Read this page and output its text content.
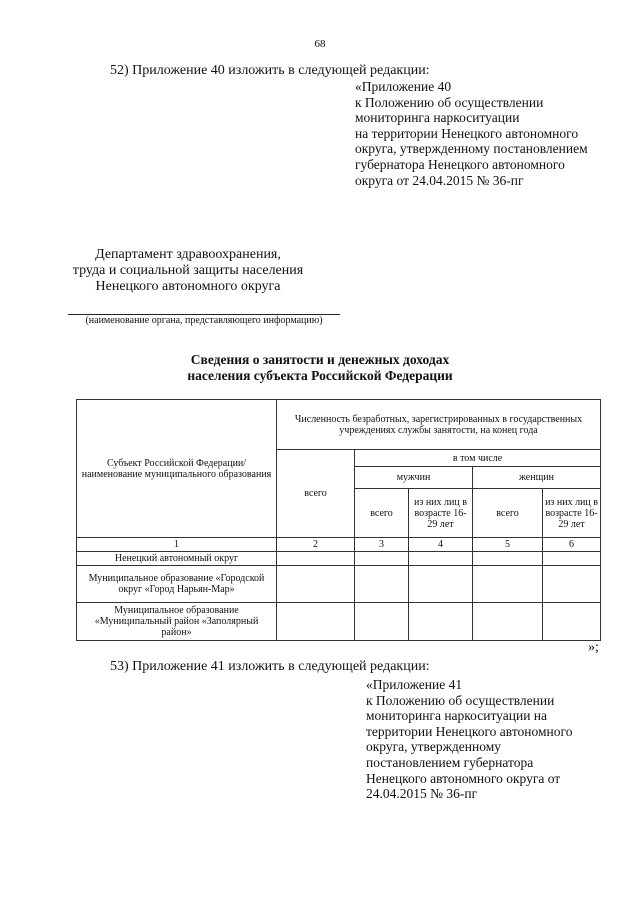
68
52) Приложение 40 изложить в следующей редакции:
«Приложение 40
к Положению об осуществлении
мониторинга наркоситуации
на территории Ненецкого автономного
округа, утвержденному постановлением
губернатора Ненецкого автономного
округа от 24.04.2015 № 36-пг
Департамент здравоохранения,
труда и социальной защиты населения
Ненецкого автономного округа
(наименование органа, представляющего информацию)
Сведения о занятости и денежных доходах
населения субъекта Российской Федерации
Субъект Российской Федерации/ наименование муниципального образования	Численность безработных, зарегистрированных в государственных учреждениях службы занятости, на конец года				
	всего	в том числе			
		мужчин		женщин	
		всего	из них лиц в возрасте 16-29 лет	всего	из них лиц в возрасте 16-29 лет
1	2	3	4	5	6
Ненецкий автономный округ					
Муниципальное образование «Городской округ «Город Нарьян-Мар»					
Муниципальное образование «Муниципальный район «Заполярный район»					
»;
53) Приложение 41 изложить в следующей редакции:
«Приложение 41
к Положению об осуществлении
мониторинга наркоситуации на
территории Ненецкого автономного
округа, утвержденному
постановлением губернатора
Ненецкого автономного округа от
24.04.2015 № 36-пг
